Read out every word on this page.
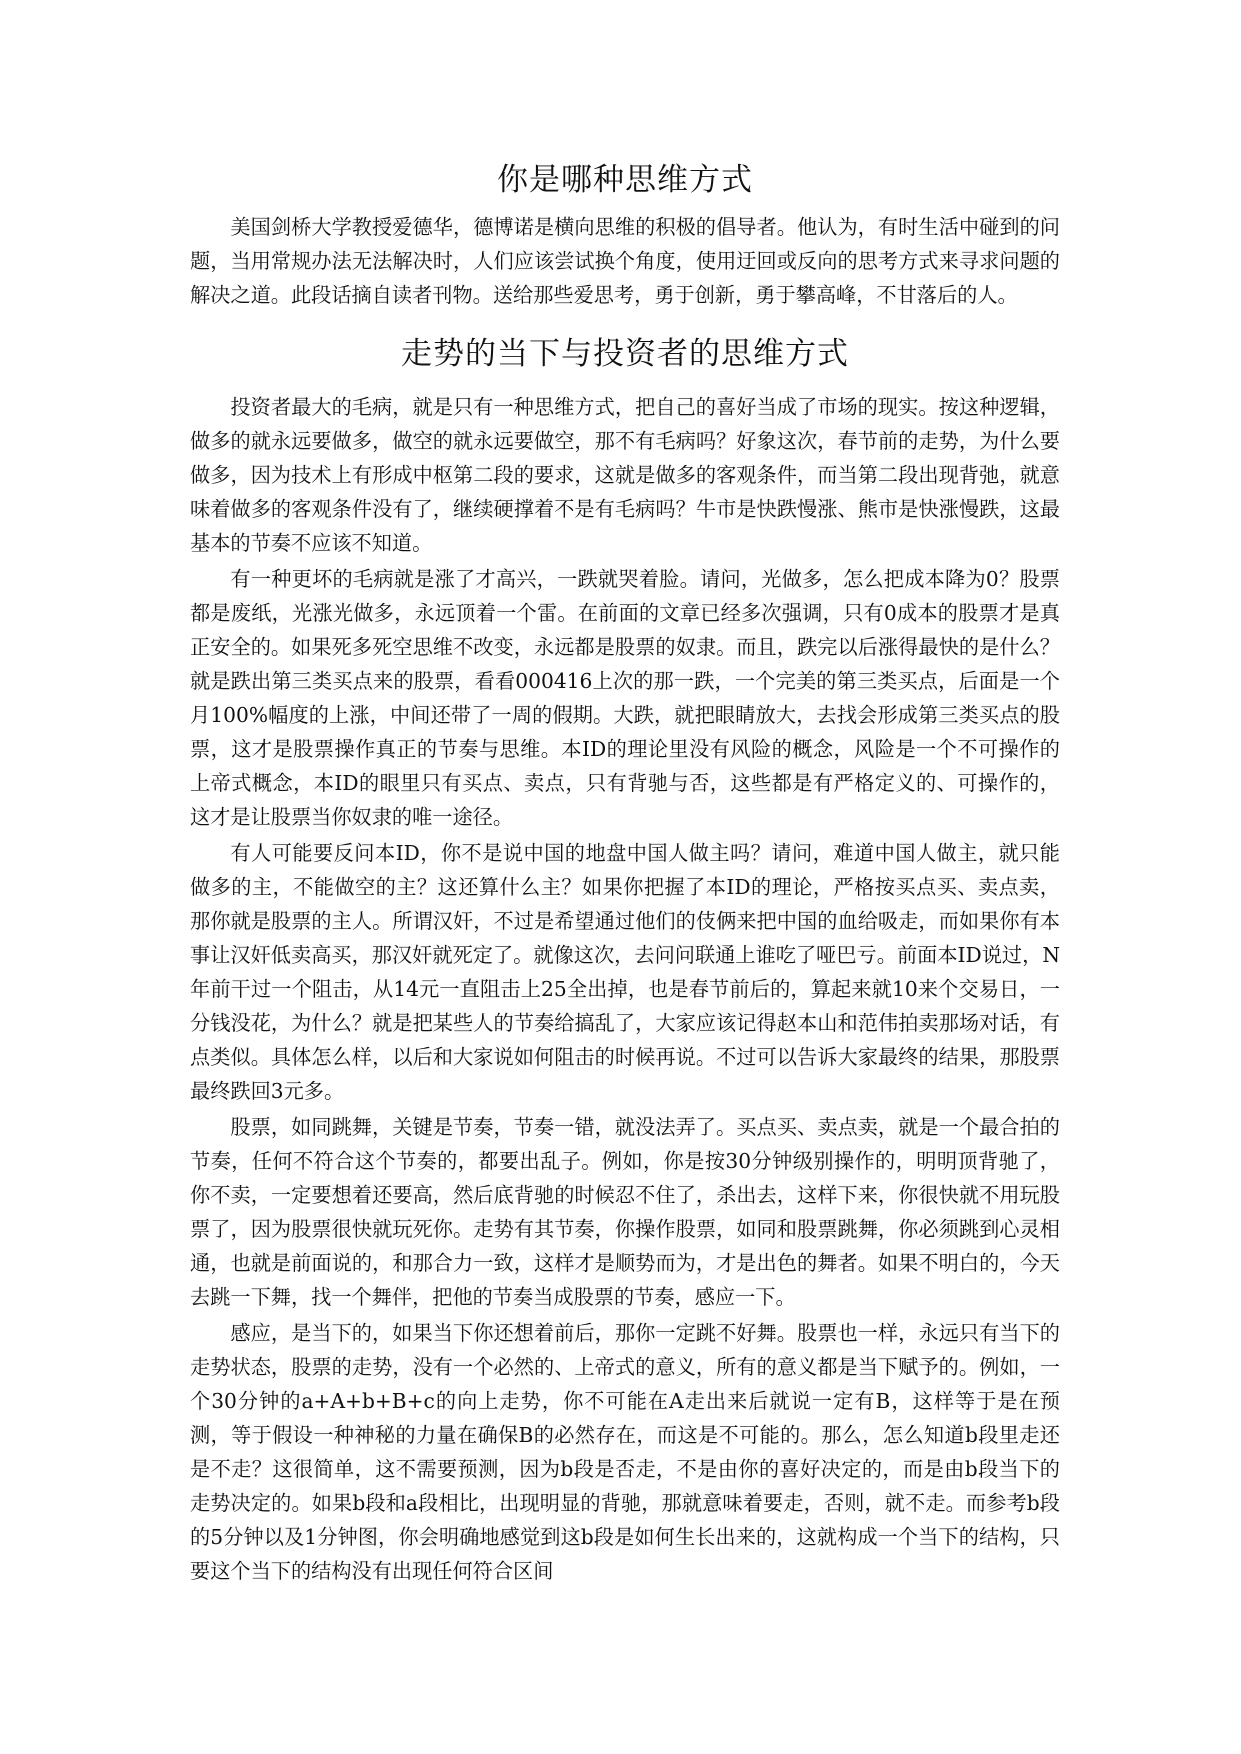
你是哪种思维方式

美国剑桥大学教授爱德华，德博诺是横向思维的积极的倡导者。他认为，有时生活中碰到的问题，当用常规办法无法解决时，人们应该尝试换个角度，使用迂回或反向的思考方式来寻求问题的解决之道。此段话摘自读者刊物。送给那些爱思考，勇于创新，勇于攀高峰，不甘落后的人。

走势的当下与投资者的思维方式

投资者最大的毛病，就是只有一种思维方式，把自己的喜好当成了市场的现实。按这种逻辑，做多的就永远要做多，做空的就永远要做空，那不有毛病吗？好象这次，春节前的走势，为什么要做多，因为技术上有形成中枢第二段的要求，这就是做多的客观条件，而当第二段出现背弛，就意味着做多的客观条件没有了，继续硬撑着不是有毛病吗？牛市是快跌慢涨、熊市是快涨慢跌，这最基本的节奏不应该不知道。

有一种更坏的毛病就是涨了才高兴，一跌就哭着脸。请问，光做多，怎么把成本降为0？股票都是废纸，光涨光做多，永远顶着一个雷。在前面的文章已经多次强调，只有0成本的股票才是真正安全的。如果死多死空思维不改变，永远都是股票的奴隶。而且，跌完以后涨得最快的是什么？就是跌出第三类买点来的股票，看看000416上次的那一跌，一个完美的第三类买点，后面是一个月100%幅度的上涨，中间还带了一周的假期。大跌，就把眼睛放大，去找会形成第三类买点的股票，这才是股票操作真正的节奏与思维。本ID的理论里没有风险的概念，风险是一个不可操作的上帝式概念，本ID的眼里只有买点、卖点，只有背驰与否，这些都是有严格定义的、可操作的，这才是让股票当你奴隶的唯一途径。

有人可能要反问本ID，你不是说中国的地盘中国人做主吗？请问，难道中国人做主，就只能做多的主，不能做空的主？这还算什么主？如果你把握了本ID的理论，严格按买点买、卖点卖，那你就是股票的主人。所谓汉奸，不过是希望通过他们的伎俩来把中国的血给吸走，而如果你有本事让汉奸低卖高买，那汉奸就死定了。就像这次，去问问联通上谁吃了哑巴亏。前面本ID说过，N年前干过一个阻击，从14元一直阻击上25全出掉，也是春节前后的，算起来就10来个交易日，一分钱没花，为什么？就是把某些人的节奏给搞乱了，大家应该记得赵本山和范伟拍卖那场对话，有点类似。具体怎么样，以后和大家说如何阻击的时候再说。不过可以告诉大家最终的结果，那股票最终跌回3元多。

股票，如同跳舞，关键是节奏，节奏一错，就没法弄了。买点买、卖点卖，就是一个最合拍的节奏，任何不符合这个节奏的，都要出乱子。例如，你是按30分钟级别操作的，明明顶背驰了，你不卖，一定要想着还要高，然后底背驰的时候忍不住了，杀出去，这样下来，你很快就不用玩股票了，因为股票很快就玩死你。走势有其节奏，你操作股票，如同和股票跳舞，你必须跳到心灵相通，也就是前面说的，和那合力一致，这样才是顺势而为，才是出色的舞者。如果不明白的，今天去跳一下舞，找一个舞伴，把他的节奏当成股票的节奏，感应一下。

感应，是当下的，如果当下你还想着前后，那你一定跳不好舞。股票也一样，永远只有当下的走势状态，股票的走势，没有一个必然的、上帝式的意义，所有的意义都是当下赋予的。例如，一个30分钟的a+A+b+B+c的向上走势，你不可能在A走出来后就说一定有B，这样等于是在预测，等于假设一种神秘的力量在确保B的必然存在，而这是不可能的。那么，怎么知道b段里走还是不走？这很简单，这不需要预测，因为b段是否走，不是由你的喜好决定的，而是由b段当下的走势决定的。如果b段和a段相比，出现明显的背驰，那就意味着要走，否则，就不走。而参考b段的5分钟以及1分钟图，你会明确地感觉到这b段是如何生长出来的，这就构成一个当下的结构，只要这个当下的结构没有出现任何符合区间
